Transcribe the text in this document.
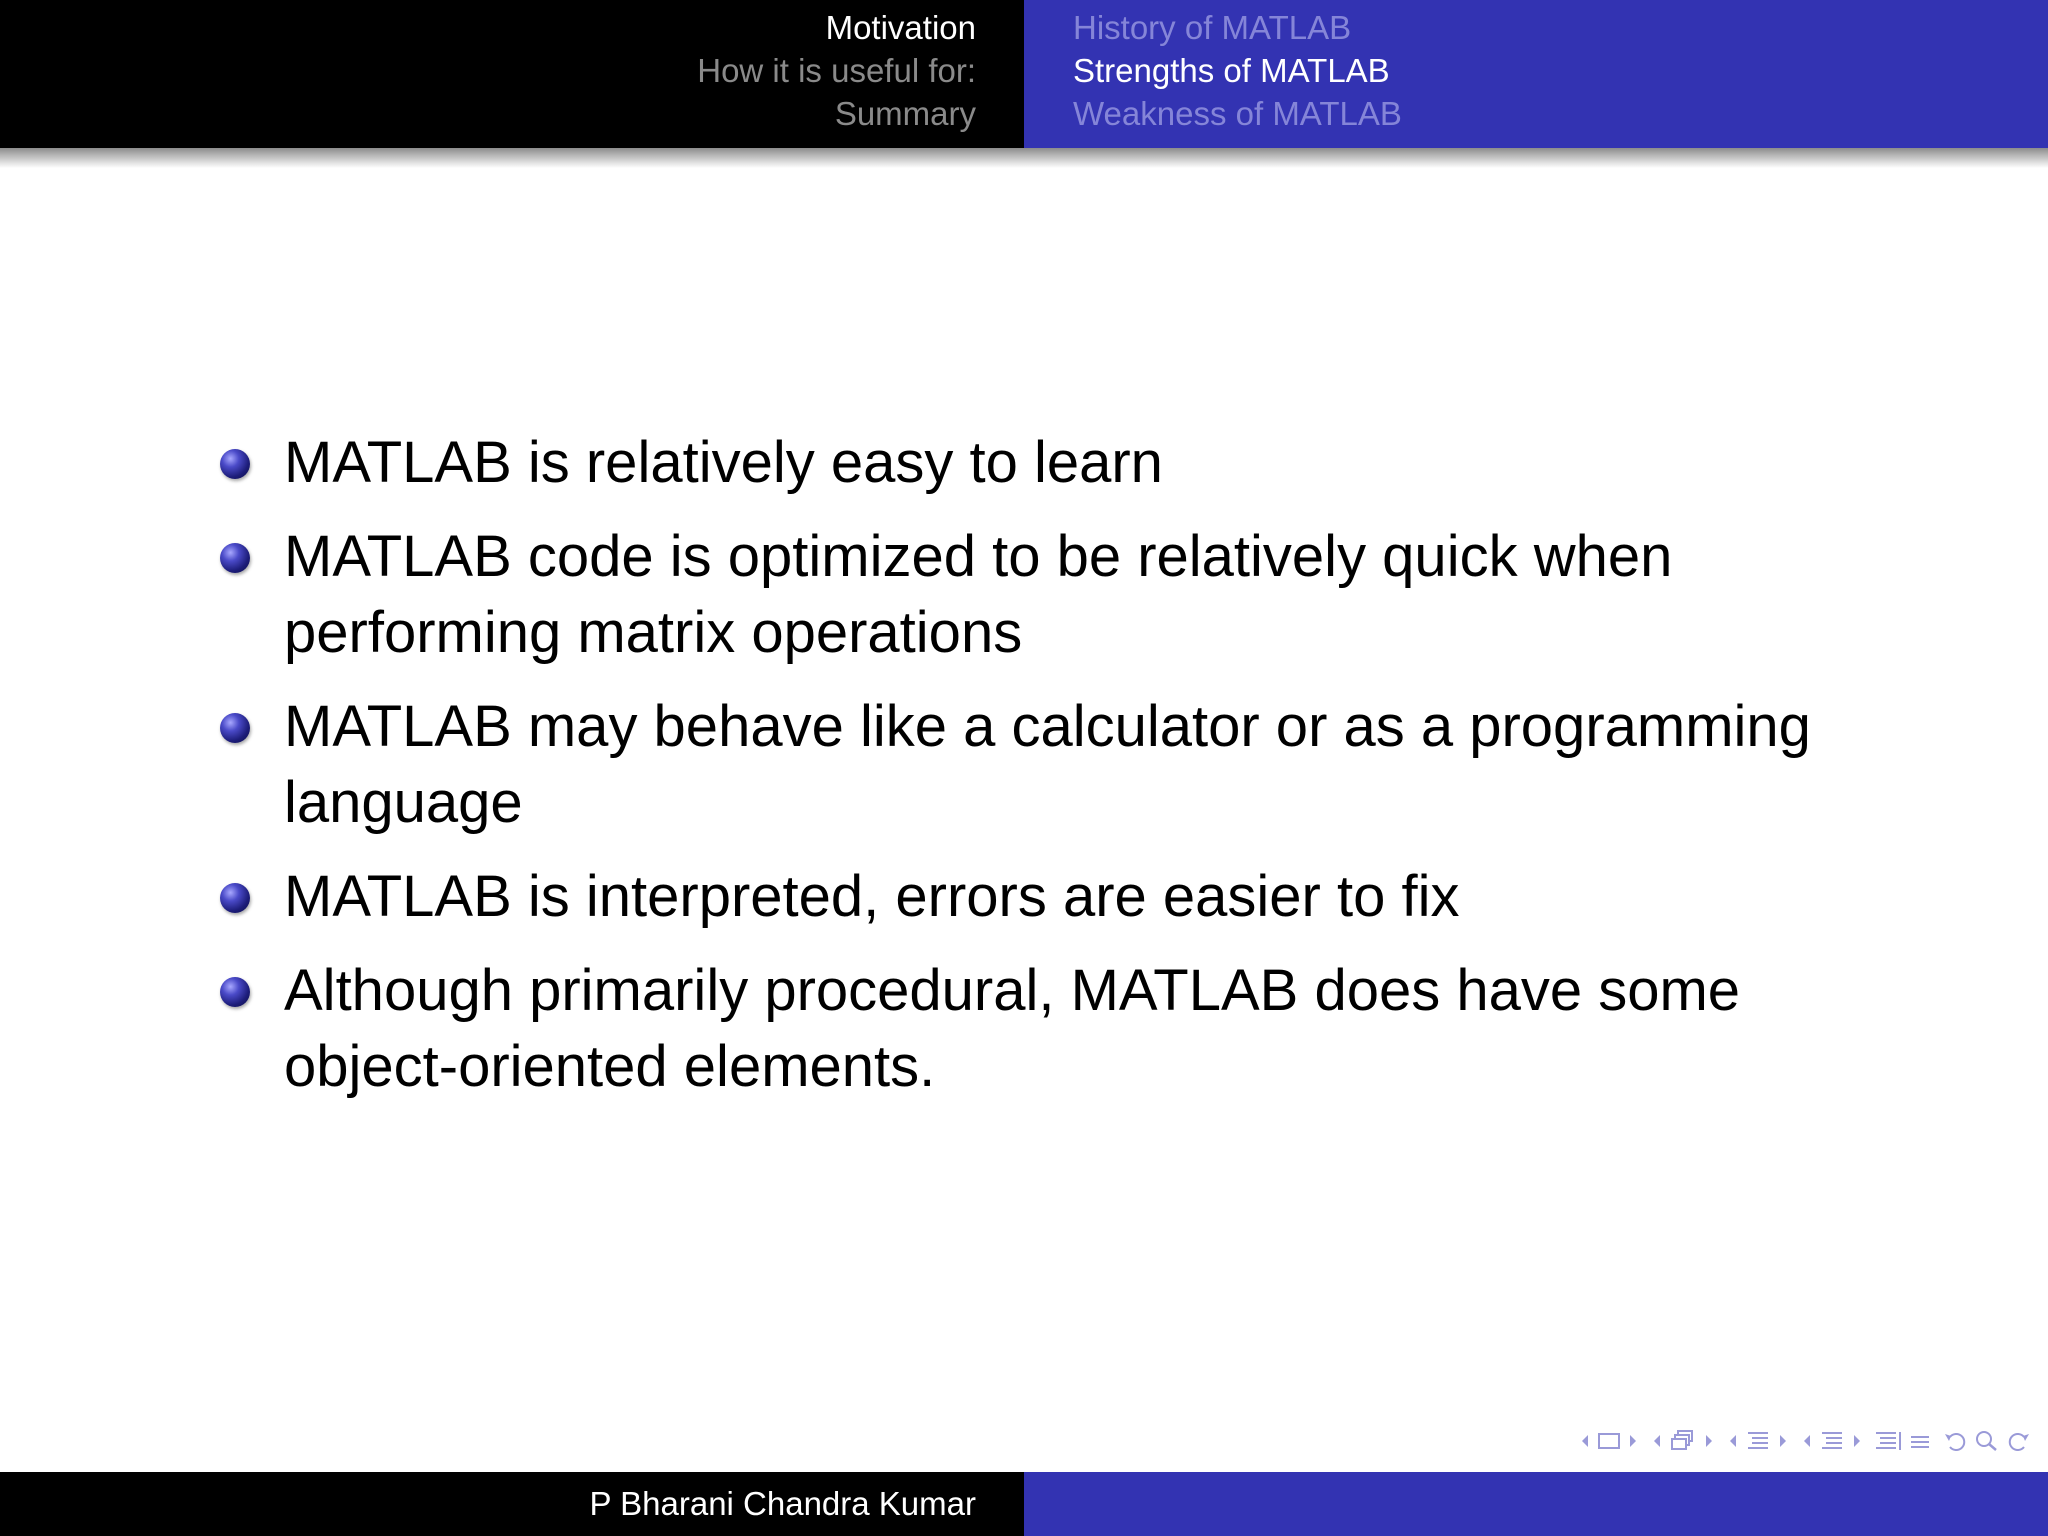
Motivation
How it is useful for:
Summary
History of MATLAB
Strengths of MATLAB
Weakness of MATLAB
MATLAB is relatively easy to learn
MATLAB code is optimized to be relatively quick when performing matrix operations
MATLAB may behave like a calculator or as a programming language
MATLAB is interpreted, errors are easier to fix
Although primarily procedural, MATLAB does have some object-oriented elements.
P Bharani Chandra Kumar
